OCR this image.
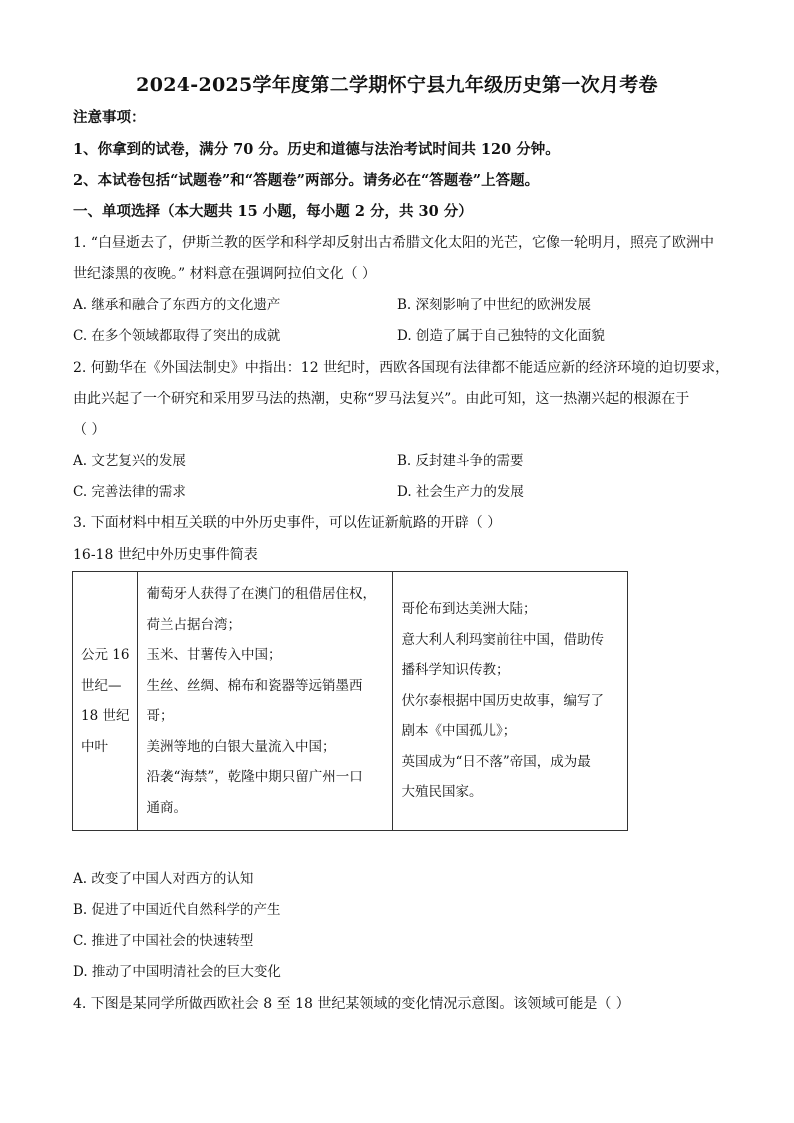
2024-2025学年度第二学期怀宁县九年级历史第一次月考卷
注意事项：
1、你拿到的试卷，满分 70 分。历史和道德与法治考试时间共 120 分钟。
2、本试卷包括“试题卷”和“答题卷”两部分。请务必在“答题卷”上答题。
一、单项选择（本大题共 15 小题，每小题 2 分，共 30 分）
1. “白昼逝去了，伊斯兰教的医学和科学却反射出古希腊文化太阳的光芒，它像一轮明月，照亮了欧洲中
世纪漆黑的夜晚。” 材料意在强调阿拉伯文化（ ）
A. 继承和融合了东西方的文化遗产	B. 深刻影响了中世纪的欧洲发展
C. 在多个领域都取得了突出的成就	D. 创造了属于自己独特的文化面貌
2. 何勤华在《外国法制史》中指出：12 世纪时，西欧各国现有法律都不能适应新的经济环境的迫切要求，
由此兴起了一个研究和采用罗马法的热潮，史称“罗马法复兴”。由此可知，这一热潮兴起的根源在于
（ ）
A. 文艺复兴的发展	B. 反封建斗争的需要
C. 完善法律的需求	D. 社会生产力的发展
3. 下面材料中相互关联的中外历史事件，可以佐证新航路的开辟（ ）
16-18 世纪中外历史事件简表
公元 16
世纪—
18 世纪
中叶

葡萄牙人获得了在澳门的租借居住权，
荷兰占据台湾；
玉米、甘薯传入中国；
生丝、丝绸、棉布和瓷器等远销墨西
哥；
美洲等地的白银大量流入中国；
沿袭“海禁”，乾隆中期只留广州一口
通商。

哥伦布到达美洲大陆；
意大利人利玛窦前往中国，借助传
播科学知识传教；
伏尔泰根据中国历史故事，编写了
剧本《中国孤儿》；
英国成为“日不落”帝国，成为最
大殖民国家。
A. 改变了中国人对西方的认知
B. 促进了中国近代自然科学的产生
C. 推进了中国社会的快速转型
D. 推动了中国明清社会的巨大变化
4. 下图是某同学所做西欧社会 8 至 18 世纪某领域的变化情况示意图。该领域可能是（ ）
